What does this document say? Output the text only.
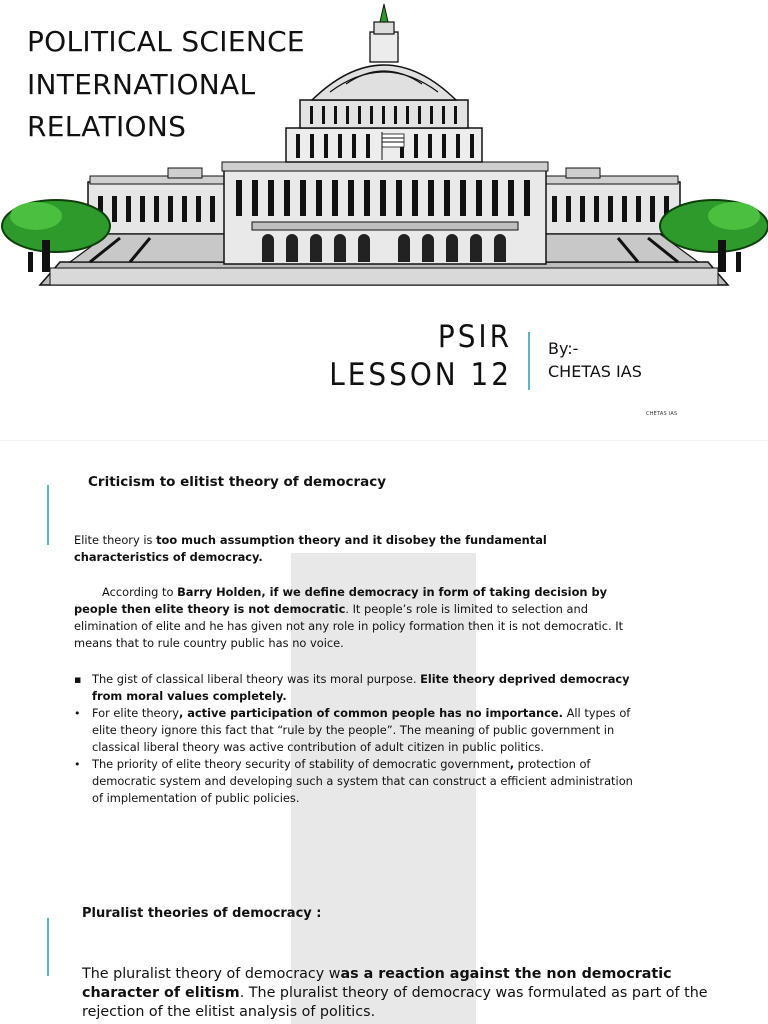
POLITICAL SCIENCE
INTERNATIONAL
RELATIONS
PSIR
LESSON 12
By:-
CHETAS IAS
CHETAS IAS
Criticism to elitist theory of democracy
Elite theory is too much assumption theory and it disobey the fundamental characteristics of democracy.
According to Barry Holden, if we define democracy in form of taking decision by people then elite theory is not democratic. It people’s role is limited to selection and elimination of elite and he has given not any role in policy formation then it is not democratic. It means that to rule country public has no voice.
▪ The gist of classical liberal theory was its moral purpose. Elite theory deprived democracy from moral values completely.
• For elite theory, active participation of common people has no importance. All types of elite theory ignore this fact that “rule by the people”. The meaning of public government in classical liberal theory was active contribution of adult citizen in public politics.
• The priority of elite theory security of stability of democratic government, protection of democratic system and developing such a system that can construct a efficient administration of implementation of public policies.
Pluralist theories of democracy :
The pluralist theory of democracy was a reaction against the non democratic character of elitism. The pluralist theory of democracy was formulated as part of the rejection of the elitist analysis of politics.
